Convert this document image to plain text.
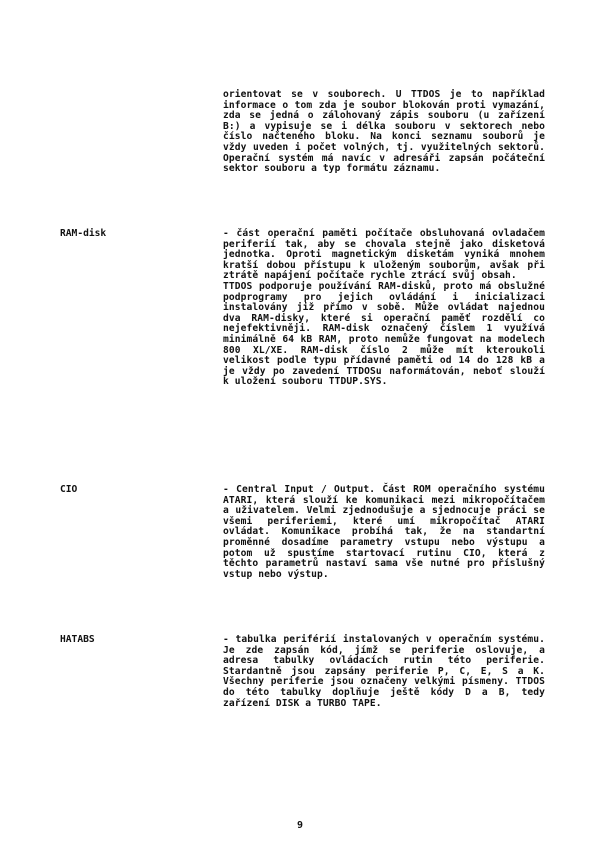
orientovat se v souborech. U TTDOS je to například informace o tom zda je soubor blokován proti vymazání, zda se jedná o zálohovaný zápis souboru (u zařízení B:) a vypisuje se i délka souboru v sektorech nebo číslo načteného bloku. Na konci seznamu souborů je vždy uveden i počet volných, tj. využitelných sektorů. Operační systém má navíc v adresáři zapsán počáteční sektor souboru a typ formátu záznamu.

RAM-disk	- část operační paměti počítače obsluhovaná ovladačem periferií tak, aby se chovala stejně jako disketová jednotka. Oproti magnetickým disketám vyniká mnohem kratší dobou přístupu k uloženým souborům, avšak při ztrátě napájení počítače rychle ztrácí svůj obsah.

TTDOS podporuje používání RAM-disků, proto má obslužné podprogramy pro jejich ovládání i inicializaci instalovány již přímo v sobě. Může ovládat najednou dva RAM-disky, které si operační paměť rozdělí co nejefektivněji. RAM-disk označený číslem 1 využívá minimálně 64 kB RAM, proto nemůže fungovat na modelech 800 XL/XE. RAM-disk číslo 2 může mít kteroukoli velikost podle typu přídavné paměti od 14 do 128 kB a je vždy po zavedení TTDOSu naformátován, neboť slouží k uložení souboru TTDUP.SYS.

CIO	- Central Input / Output. Část ROM operačního systému ATARI, která slouží ke komunikaci mezi mikropočítačem a uživatelem. Velmi zjednodušuje a sjednocuje práci se všemi periferiemi, které umí mikropočítač ATARI ovládat. Komunikace probíhá tak, že na standartní proměnné dosadíme parametry vstupu nebo výstupu a potom už spustíme startovací rutinu CIO, která z těchto parametrů nastaví sama vše nutné pro příslušný vstup nebo výstup.

HATABS	- tabulka periférií instalovaných v operačním systému. Je zde zapsán kód, jímž se periferie oslovuje, a adresa tabulky ovládacích rutin této periferie. Stardantně jsou zapsány periferie P, C, E, S a K. Všechny periferie jsou označeny velkými písmeny. TTDOS do této tabulky doplňuje ještě kódy D a B, tedy zařízení DISK a TURBO TAPE.

9
